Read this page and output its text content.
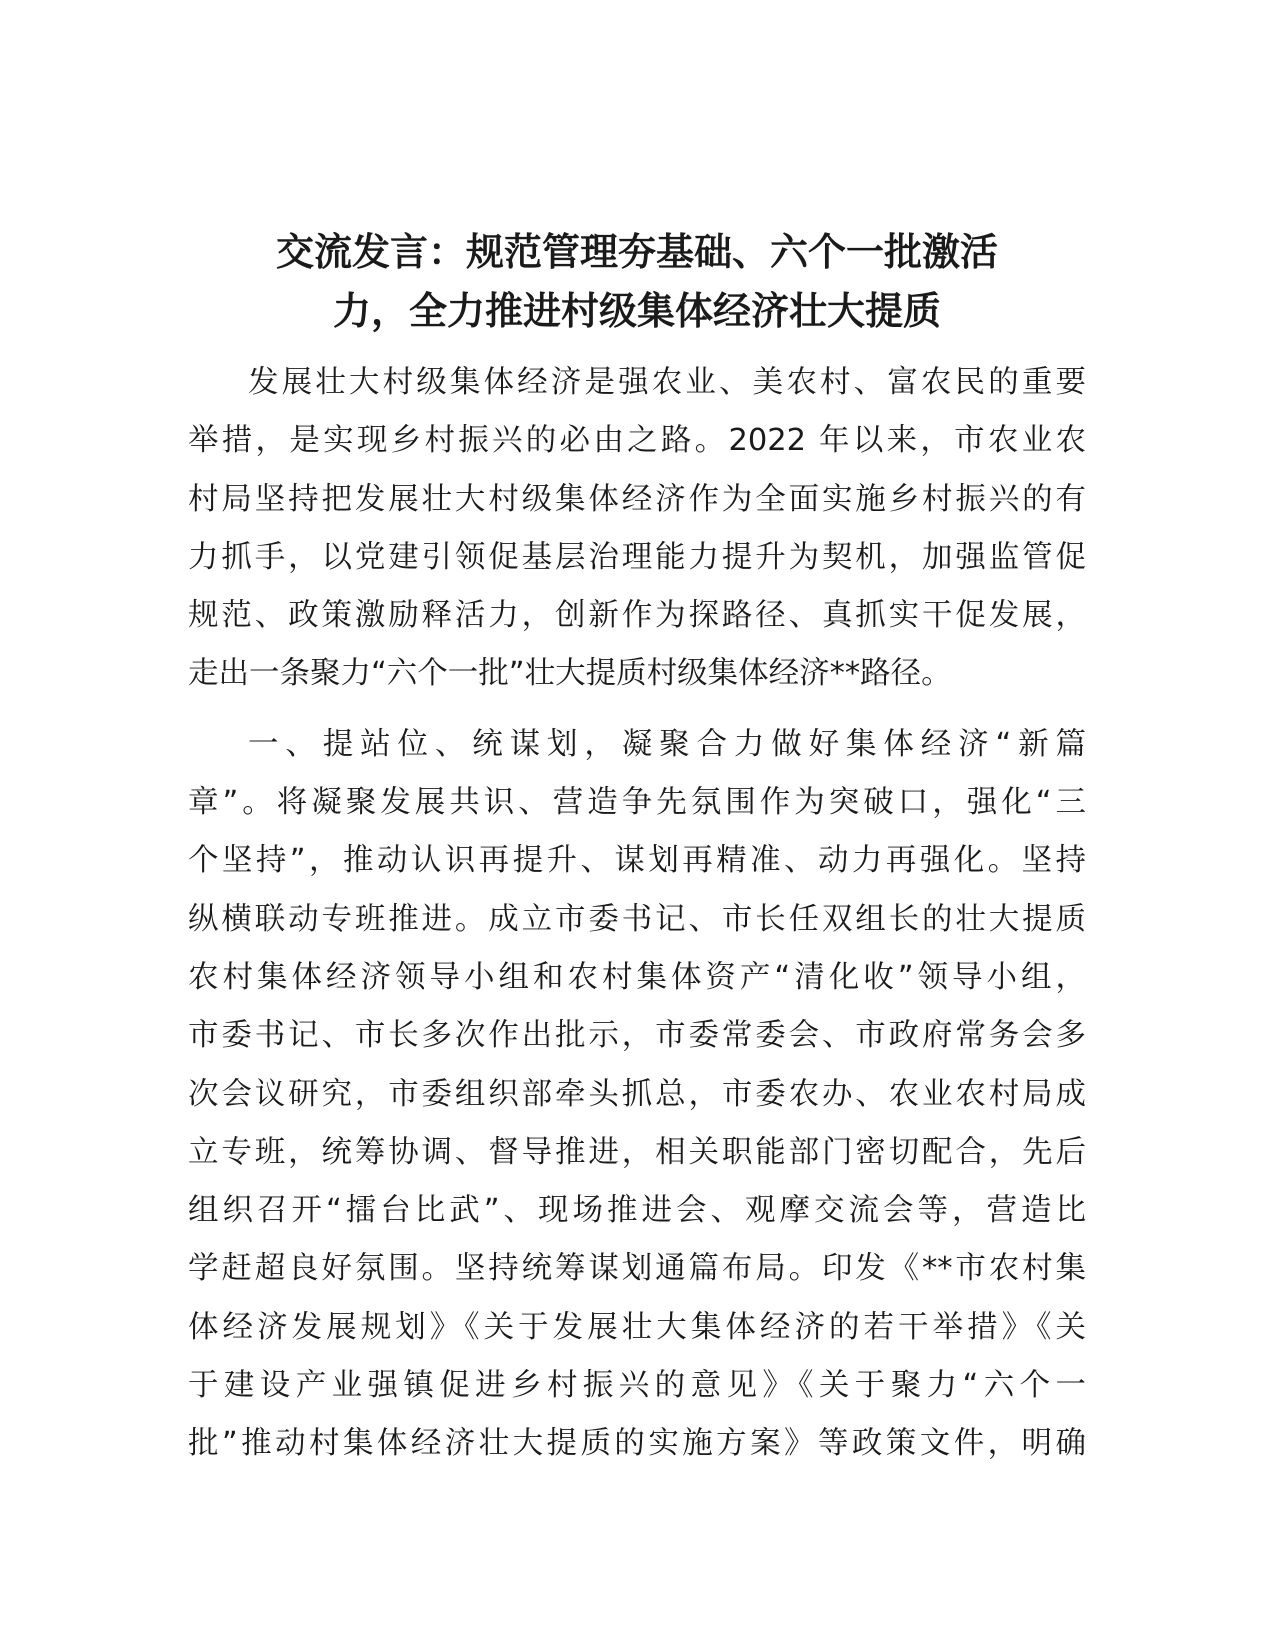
交流发言：规范管理夯基础、六个一批激活
力，全力推进村级集体经济壮大提质
发展壮大村级集体经济是强农业、美农村、富农民的重要
举措，是实现乡村振兴的必由之路。2022 年以来，市农业农
村局坚持把发展壮大村级集体经济作为全面实施乡村振兴的有
力抓手，以党建引领促基层治理能力提升为契机，加强监管促
规范、政策激励释活力，创新作为探路径、真抓实干促发展，
走出一条聚力“六个一批”壮大提质村级集体经济**路径。
一、提站位、统谋划，凝聚合力做好集体经济“新篇
章”。将凝聚发展共识、营造争先氛围作为突破口，强化“三
个坚持”，推动认识再提升、谋划再精准、动力再强化。坚持
纵横联动专班推进。成立市委书记、市长任双组长的壮大提质
农村集体经济领导小组和农村集体资产“清化收”领导小组，
市委书记、市长多次作出批示，市委常委会、市政府常务会多
次会议研究，市委组织部牵头抓总，市委农办、农业农村局成
立专班，统筹协调、督导推进，相关职能部门密切配合，先后
组织召开“擂台比武”、现场推进会、观摩交流会等，营造比
学赶超良好氛围。坚持统筹谋划通篇布局。印发《**市农村集
体经济发展规划》《关于发展壮大集体经济的若干举措》《关
于建设产业强镇促进乡村振兴的意见》《关于聚力“六个一
批”推动村集体经济壮大提质的实施方案》等政策文件，明确
